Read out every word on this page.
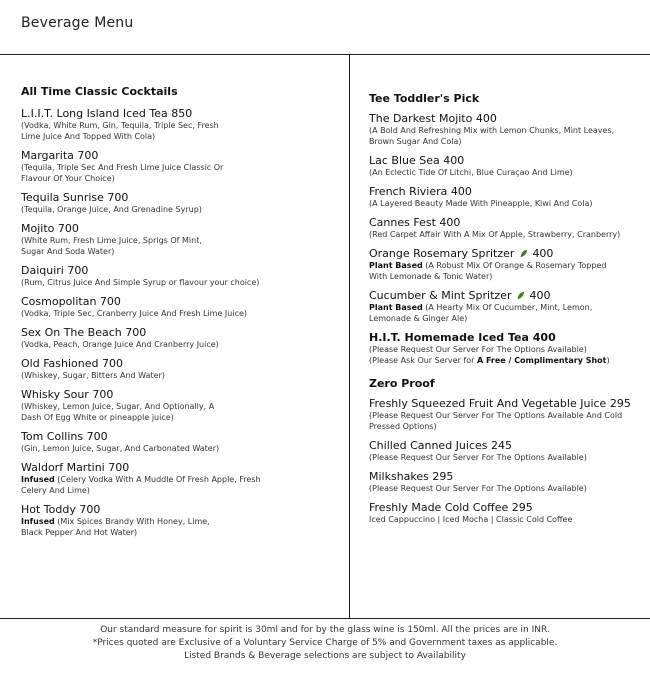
Beverage Menu
All Time Classic Cocktails
L.I.I.T. Long Island Iced Tea 850
(Vodka, White Rum, Gin, Tequila, Triple Sec, Fresh Lime Juice And Topped With Cola)
Margarita 700
(Tequila, Triple Sec And Fresh Lime Juice Classic Or Flavour Of Your Choice)
Tequila Sunrise 700
(Tequila, Orange Juice, And Grenadine Syrup)
Mojito 700
(White Rum, Fresh Lime Juice, Sprigs Of Mint, Sugar And Soda Water)
Daiquiri 700
(Rum, Citrus Juice And Simple Syrup or flavour your choice)
Cosmopolitan 700
(Vodka, Triple Sec, Cranberry Juice And Fresh Lime Juice)
Sex On The Beach 700
(Vodka, Peach, Orange Juice And Cranberry Juice)
Old Fashioned 700
(Whiskey, Sugar, Bitters And Water)
Whisky Sour 700
(Whiskey, Lemon Juice, Sugar, And Optionally, A Dash Of Egg White or pineapple juice)
Tom Collins 700
(Gin, Lemon Juice, Sugar, And Carbonated Water)
Waldorf Martini 700
Infused (Celery Vodka With A Muddle Of Fresh Apple, Fresh Celery And Lime)
Hot Toddy 700
Infused (Mix Spices Brandy With Honey, Lime, Black Pepper And Hot Water)
Tee Toddler's Pick
The Darkest Mojito 400
(A Bold And Refreshing Mix with Lemon Chunks, Mint Leaves, Brown Sugar And Cola)
Lac Blue Sea 400
(An Eclectic Tide Of Litchi, Blue Curaçao And Lime)
French Riviera 400
(A Layered Beauty Made With Pineapple, Kiwi And Cola)
Cannes Fest 400
(Red Carpet Affair With A Mix Of Apple, Strawberry, Cranberry)
Orange Rosemary Spritzer 400
Plant Based (A Robust Mix Of Orange & Rosemary Topped With Lemonade & Tonic Water)
Cucumber & Mint Spritzer 400
Plant Based (A Hearty Mix Of Cucumber, Mint, Lemon, Lemonade & Ginger Ale)
H.I.T. Homemade Iced Tea 400
(Please Request Our Server For The Options Available)
(Please Ask Our Server for A Free / Complimentary Shot)
Zero Proof
Freshly Squeezed Fruit And Vegetable Juice 295
(Please Request Our Server For The Options Available And Cold Pressed Options)
Chilled Canned Juices 245
(Please Request Our Server For The Options Available)
Milkshakes 295
(Please Request Our Server For The Options Available)
Freshly Made Cold Coffee 295
Iced Cappuccino | Iced Mocha | Classic Cold Coffee
Our standard measure for spirit is 30ml and for by the glass wine is 150ml. All the prices are in INR.
*Prices quoted are Exclusive of a Voluntary Service Charge of 5% and Government taxes as applicable.
Listed Brands & Beverage selections are subject to Availability
